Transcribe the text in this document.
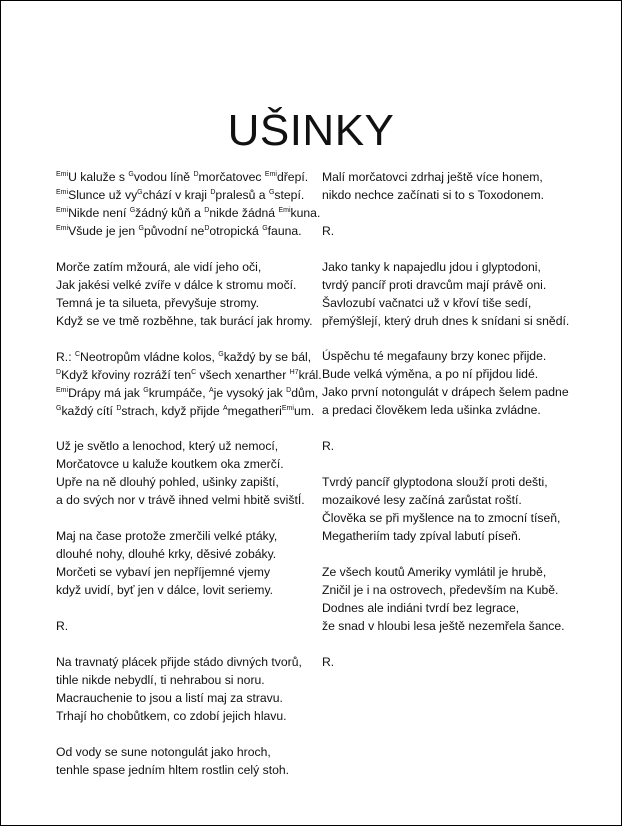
UŠINKY
$^{Emi}$U kaluže s $^G$vodou líně $^D$morčatovec $^{Emi}$dřepí.
$^{Emi}$Slunce už $vy^Gchází$ v kraji $^D$pralesů a $^G$stepí.
$^{Emi}$Nikde není $^G$žádný kůň a $^D$nikde žádná $^{Emi}$kuna.
$^{Emi}$Všude je jen $^G$původní $ne^Dotropická$ $^G$fauna.
Morče zatím mžourá, ale vidí jeho oči,
Jak jakési velké zvíře v dálce k stromu močí.
Temná je ta silueta, převyšuje stromy.
Když se ve tmě rozběhne, tak burácí jak hromy.
R.: $^C$Neotropům vládne kolos, $^G$každý by se bál,
$^D$Když křoviny rozráží ten$^C$ všech xenarther $^{H7}$král.
$^{Emi}$Drápy má jak $^G$krumpáče, $^A$je vysoký jak $^D$dům,
$^G$každý cítí $^D$strach, když přijde $^A$megatheri$^{Emi}$um.
Už je světlo a lenochod, který už nemocí,
Morčatovce u kaluže koutkem oka zmerčí.
Upře na ně dlouhý pohled, ušinky zapiští,
a do svých nor v trávě ihned velmi hbitě svištÍ.
Maj na čase protože zmerčili velké ptáky,
dlouhé nohy, dlouhé krky, děsivé zobáky.
Morčeti se vybaví jen nepříjemné vjemy
když uvidí, byť jen v dálce, lovit seriemy.
R.
Na travnatý plácek přijde stádo divných tvorů,
tihle nikde nebydlí, ti nehrabou si noru.
Macrauchenie to jsou a listí maj za stravu.
Trhají ho chobůtkem, co zdobí jejich hlavu.
Od vody se sune notongulát jako hroch,
tenhle spase jedním hltem rostlin celý stoh.
Malí morčatovci zdrhaj ještě více honem,
nikdo nechce začínati si to s Toxodonem.
R.
Jako tanky k napajedlu jdou i glyptodoni,
tvrdý pancíř proti dravcům mají právě oni.
Šavlozubí vačnatci už v křoví tiše sedí,
přemýšlejí, který druh dnes k snídani si snědí.
Úspěchu té megafauny brzy konec přijde.
Bude velká výměna, a po ní přijdou lidé.
Jako první notongulát v drápech šelem padne
a predaci člověkem leda ušinka zvládne.
R.
Tvrdý pancíř glyptodona slouží proti dešti,
mozaikové lesy začíná zarůstat roští.
Člověka se při myšlence na to zmocní tíseň,
Megatheriím tady zpíval labutí píseň.
Ze všech koutů Ameriky vymlátil je hrubě,
Zničil je i na ostrovech, především na Kubě.
Dodnes ale indiáni tvrdí bez legrace,
že snad v hloubi lesa ještě nezemřela šance.
R.
